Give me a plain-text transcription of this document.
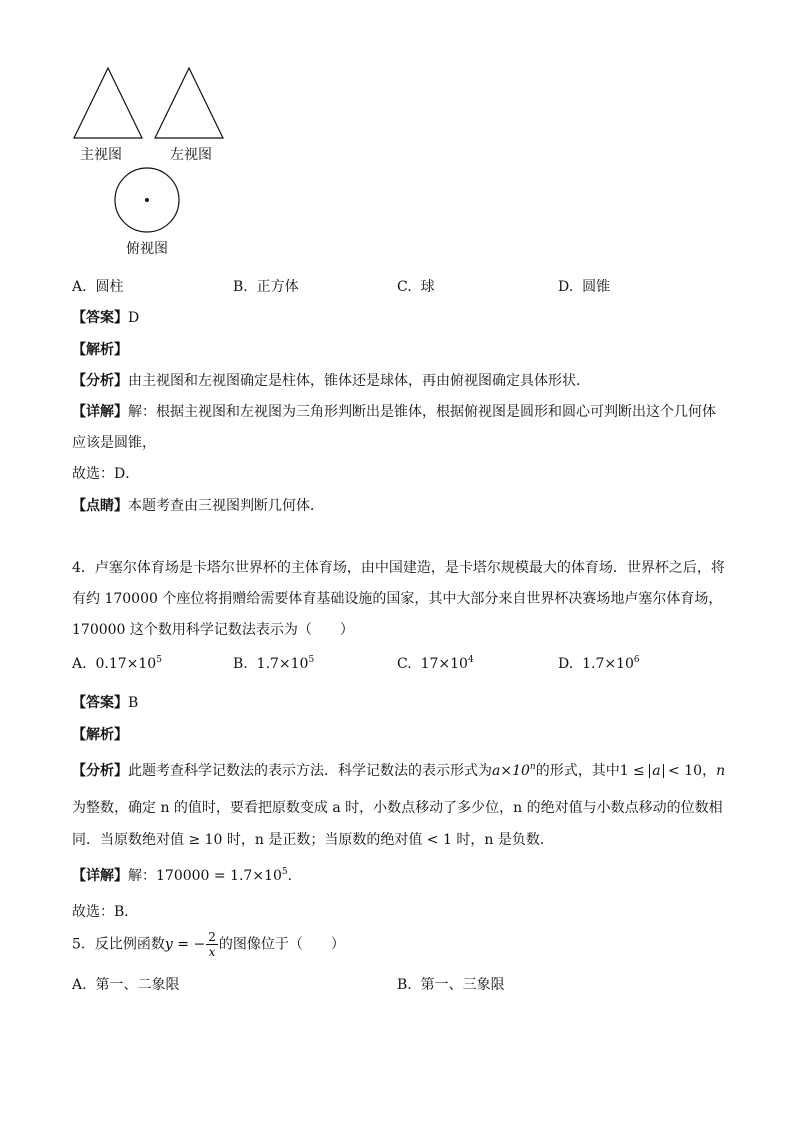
主视图	左视图
俯视图
A. 圆柱	B. 正方体	C. 球	D. 圆锥
【答案】D
【解析】
【分析】由主视图和左视图确定是柱体，锥体还是球体，再由俯视图确定具体形状．
【详解】解：根据主视图和左视图为三角形判断出是锥体，根据俯视图是圆形和圆心可判断出这个几何体
应该是圆锥，
故选：D．
【点睛】本题考查由三视图判断几何体．
4．卢塞尔体育场是卡塔尔世界杯的主体育场，由中国建造，是卡塔尔规模最大的体育场．世界杯之后，将
有约 170000 个座位将捐赠给需要体育基础设施的国家，其中大部分来自世界杯决赛场地卢塞尔体育场，
170000 这个数用科学记数法表示为（　　）
A. $0.17\times 10^5$	B. $1.7\times 10^5$	C. $17\times 10^4$	D. $1.7\times 10^6$
【答案】B
【解析】
【分析】此题考查科学记数法的表示方法．科学记数法的表示形式为$a\times 10^n$的形式，其中1 ≤ a < 10，n
为整数，确定 n 的值时，要看把原数变成 a 时，小数点移动了多少位，n 的绝对值与小数点移动的位数相
同．当原数绝对值 ≥ 10 时，n 是正数；当原数的绝对值 < 1 时，n 是负数．
【详解】解：$170000 = 1.7\times 10^5$．
故选：B．
5．反比例函数y = − $\frac{2}{x}$ 的图像位于（　　）
A. 第一、二象限	B. 第一、三象限
